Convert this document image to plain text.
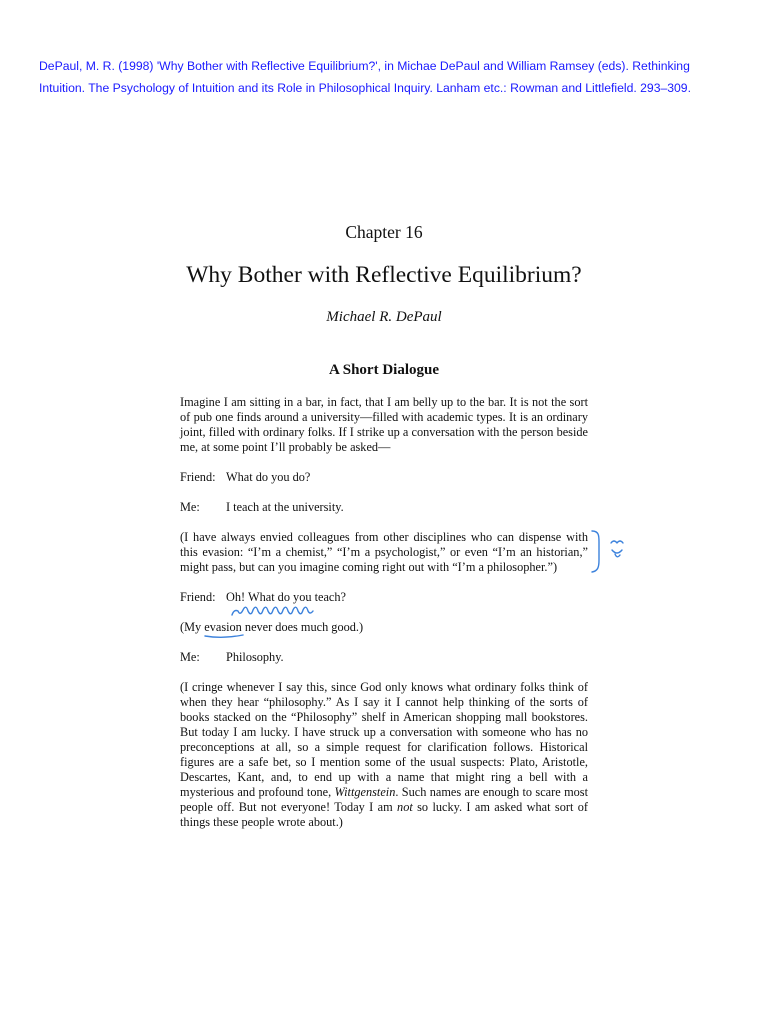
DePaul, M. R. (1998) 'Why Bother with Reflective Equilibrium?', in Michae DePaul and William Ramsey (eds). Rethinking Intuition. The Psychology of Intuition and its Role in Philosophical Inquiry. Lanham etc.: Rowman and Littlefield. 293–309.
Chapter 16
Why Bother with Reflective Equilibrium?
Michael R. DePaul
A Short Dialogue

Imagine I am sitting in a bar, in fact, that I am belly up to the bar. It is not the sort of pub one finds around a university—filled with academic types. It is an ordinary joint, filled with ordinary folks. If I strike up a conversation with the person beside me, at some point I’ll probably be asked—

Friend: What do you do?
Me:	I teach at the university.

(I have always envied colleagues from other disciplines who can dispense with this evasion: “I’m a chemist,” “I’m a psychologist,” or even “I’m an historian,” might pass, but can you imagine coming right out with “I’m a philosopher.”)

Friend: Oh! What do you teach?

(My evasion never does much good.)

Me:	Philosophy.

(I cringe whenever I say this, since God only knows what ordinary folks think of when they hear “philosophy.” As I say it I cannot help thinking of the sorts of books stacked on the “Philosophy” shelf in American shopping mall bookstores. But today I am lucky. I have struck up a conversation with someone who has no preconceptions at all, so a simple request for clarification follows. Historical figures are a safe bet, so I mention some of the usual suspects: Plato, Aristotle, Descartes, Kant, and, to end up with a name that might ring a bell with a mysterious and profound tone, Wittgenstein. Such names are enough to scare most people off. But not everyone! Today I am not so lucky. I am asked what sort of things these people wrote about.)
